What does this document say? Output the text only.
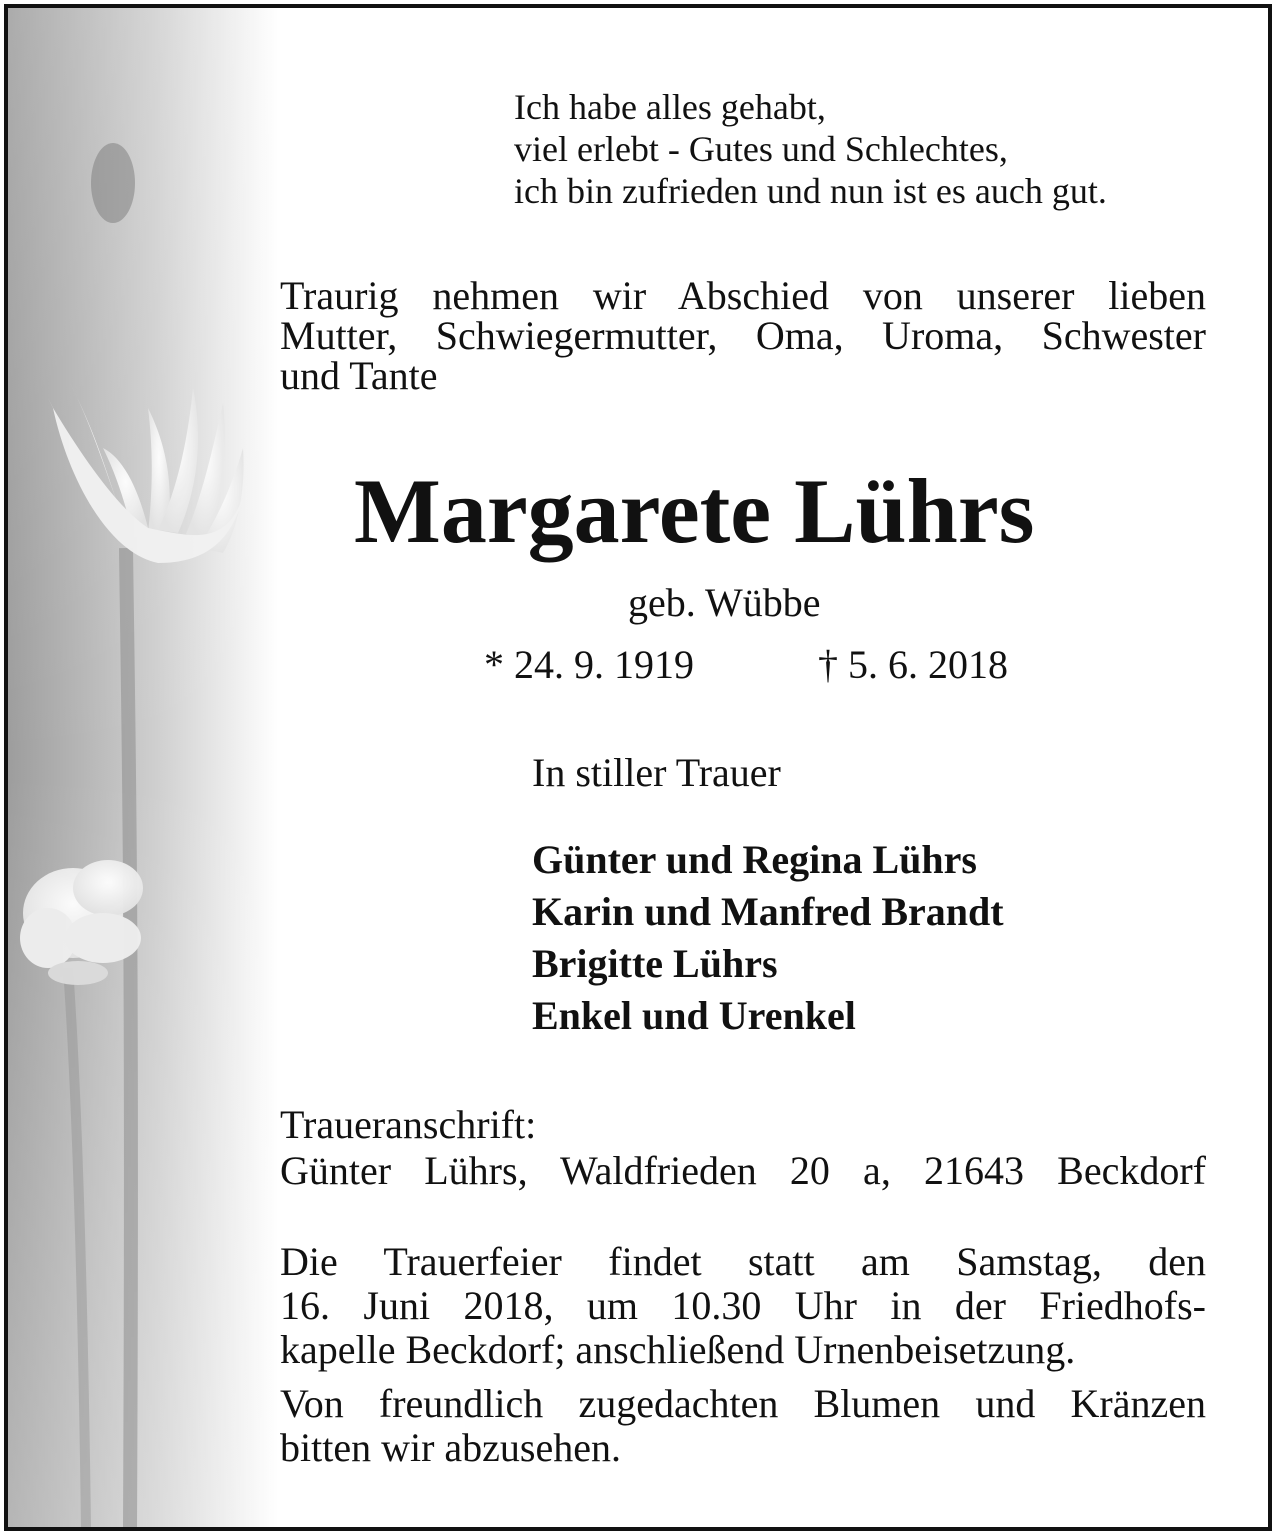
Ich habe alles gehabt,
viel erlebt - Gutes und Schlechtes,
ich bin zufrieden und nun ist es auch gut.
Traurig nehmen wir Abschied von unserer lieben
Mutter, Schwiegermutter, Oma, Uroma, Schwester
und Tante
Margarete Lührs
geb. Wübbe
* 24. 9. 1919	† 5. 6. 2018
In stiller Trauer
Günter und Regina Lührs
Karin und Manfred Brandt
Brigitte Lührs
Enkel und Urenkel
Traueranschrift:
Günter Lührs, Waldfrieden 20 a, 21643 Beckdorf
Die Trauerfeier findet statt am Samstag, den
16. Juni 2018, um 10.30 Uhr in der Friedhofs-
kapelle Beckdorf; anschließend Urnenbeisetzung.
Von freundlich zugedachten Blumen und Kränzen
bitten wir abzusehen.
